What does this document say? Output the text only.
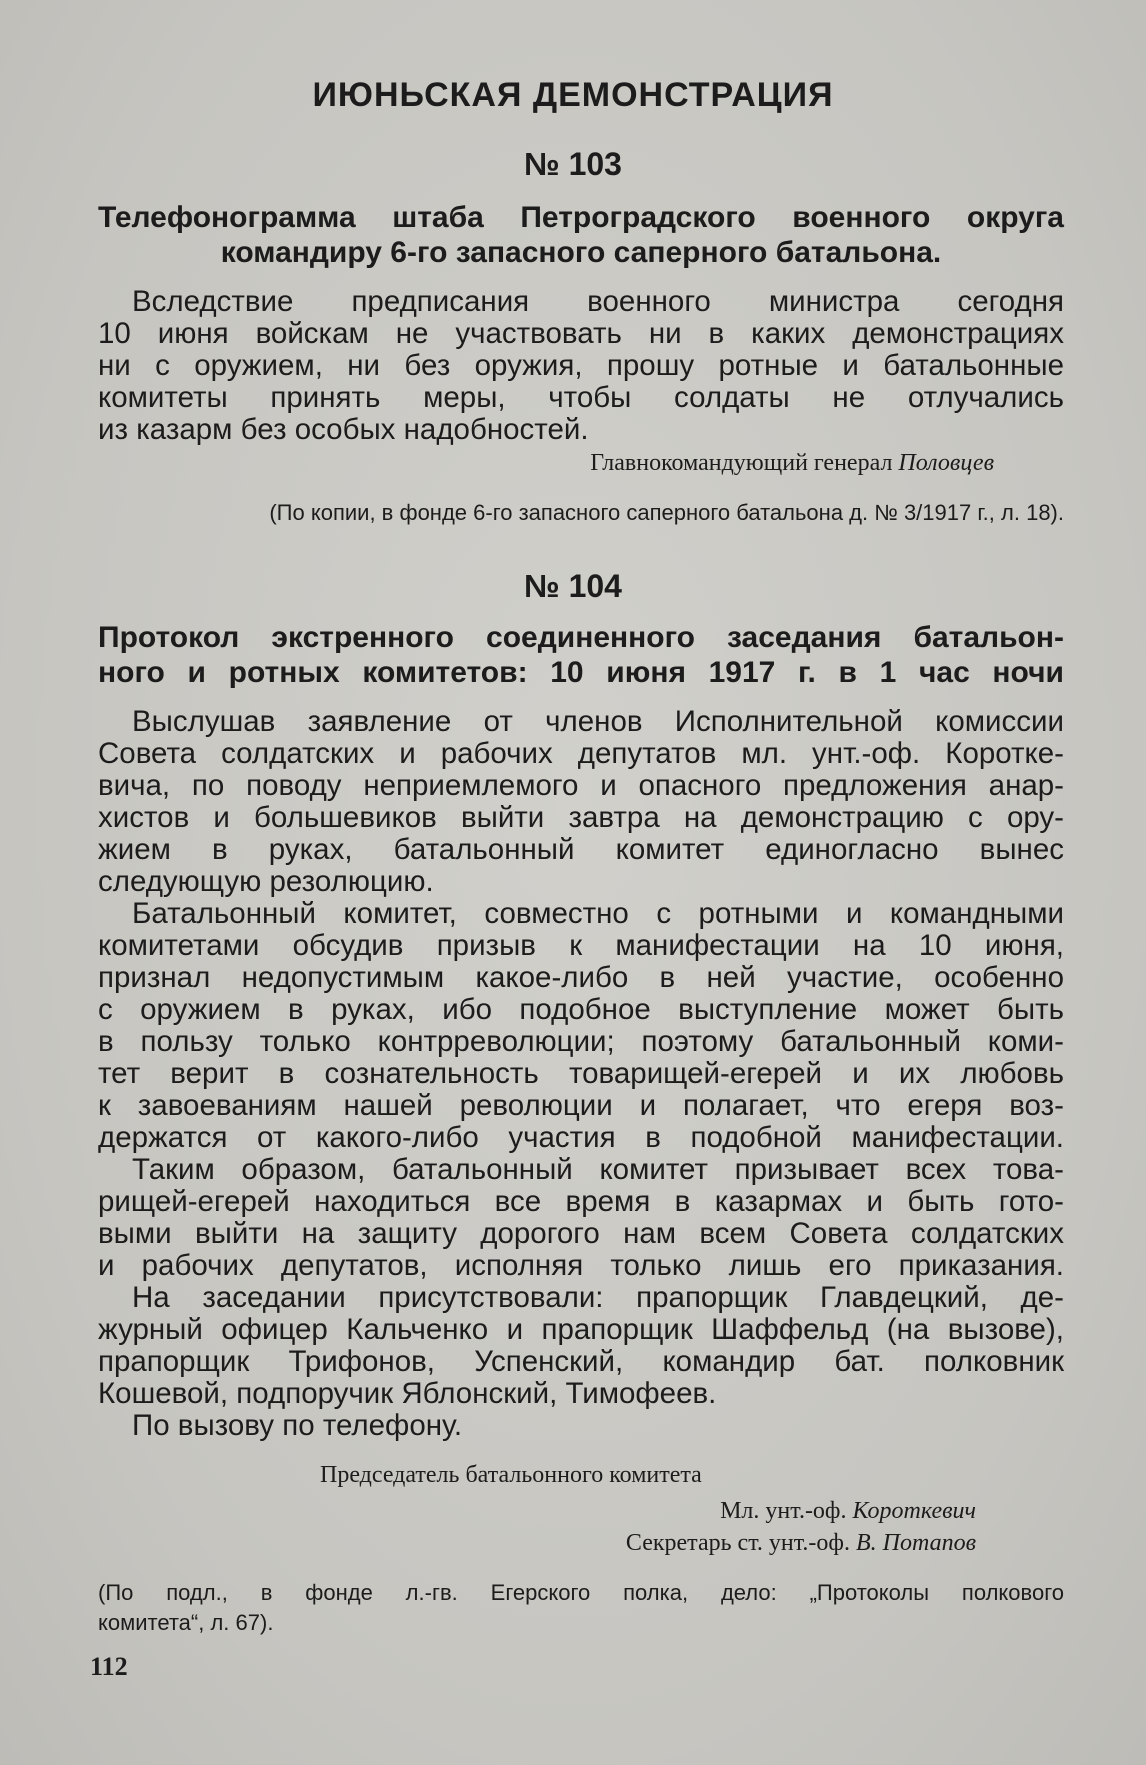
ИЮНЬСКАЯ ДЕМОНСТРАЦИЯ
№ 103
Телефонограмма штаба Петроградского военного округа
командиру 6-го запасного саперного батальона.
Вследствие предписания военного министра сегодня
10 июня войскам не участвовать ни в каких демонстрациях
ни с оружием, ни без оружия, прошу ротные и батальонные
комитеты принять меры, чтобы солдаты не отлучались
из казарм без особых надобностей.
Главнокомандующий генерал Половцев
(По копии, в фонде 6-го запасного саперного батальона д. № 3/1917 г., л. 18).
№ 104
Протокол экстренного соединенного заседания батальон-
ного и ротных комитетов: 10 июня 1917 г. в 1 час ночи
Выслушав заявление от членов Исполнительной комиссии
Совета солдатских и рабочих депутатов мл. унт.-оф. Коротке-
вича, по поводу неприемлемого и опасного предложения анар-
хистов и большевиков выйти завтра на демонстрацию с ору-
жием в руках, батальонный комитет единогласно вынес
следующую резолюцию.
Батальонный комитет, совместно с ротными и командными
комитетами обсудив призыв к манифестации на 10 июня,
признал недопустимым какое-либо в ней участие, особенно
с оружием в руках, ибо подобное выступление может быть
в пользу только контрреволюции; поэтому батальонный коми-
тет верит в сознательность товарищей-егерей и их любовь
к завоеваниям нашей революции и полагает, что егеря воз-
держатся от какого-либо участия в подобной манифестации.
Таким образом, батальонный комитет призывает всех това-
рищей-егерей находиться все время в казармах и быть гото-
выми выйти на защиту дорогого нам всем Совета солдатских
и рабочих депутатов, исполняя только лишь его приказания.
На заседании присутствовали: прапорщик Главдецкий, де-
журный офицер Кальченко и прапорщик Шаффельд (на вызове),
прапорщик Трифонов, Успенский, командир бат. полковник
Кошевой, подпоручик Яблонский, Тимофеев.
По вызову по телефону.
Председатель батальонного комитета
Мл. унт.-оф. Короткевич
Секретарь ст. унт.-оф. В. Потапов
(По подл., в фонде л.-гв. Егерского полка, дело: „Протоколы полкового
комитета“, л. 67).
112
